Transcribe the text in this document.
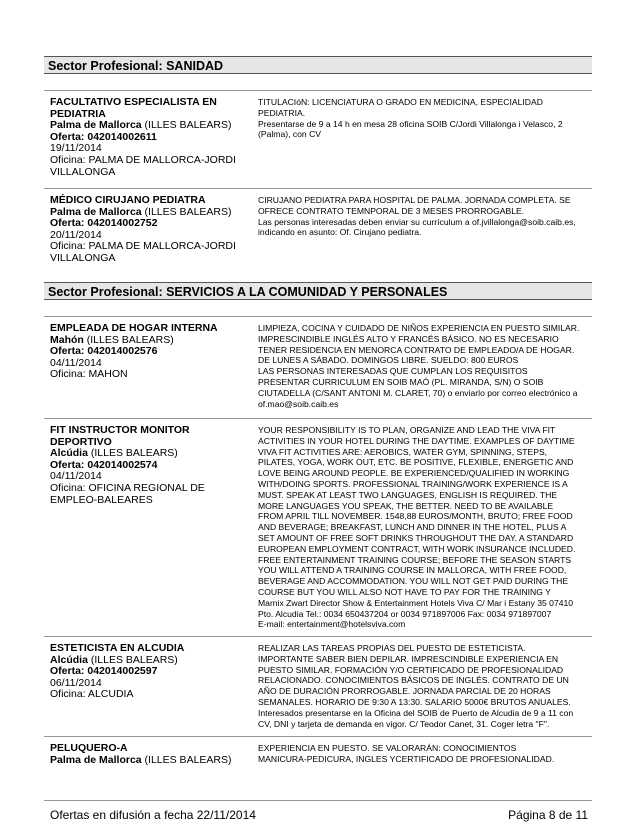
Sector Profesional: SANIDAD
FACULTATIVO ESPECIALISTA EN PEDIATRIA
Palma de Mallorca (ILLES BALEARS)
Oferta: 042014002611
19/11/2014
Oficina: PALMA DE MALLORCA-JORDI VILLALONGA
TITULACIóN: LICENCIATURA O GRADO EN MEDICINA, ESPECIALIDAD
PEDIATRIA.
Presentarse de 9 a 14 h en mesa 28 oficina SOIB C/Jordi Villalonga i Velasco, 2
(Palma), con CV
MÉDICO CIRUJANO PEDIATRA
Palma de Mallorca (ILLES BALEARS)
Oferta: 042014002752
20/11/2014
Oficina: PALMA DE MALLORCA-JORDI VILLALONGA
CIRUJANO PEDIATRA PARA HOSPITAL DE PALMA. JORNADA COMPLETA. SE
OFRECE CONTRATO TEMNPORAL DE 3 MESES PRORROGABLE.
Las personas interesadas deben enviar su currículum a of.jvillalonga@soib.caib.es,
indicando en asunto: Of. Cirujano pediatra.
Sector Profesional: SERVICIOS A LA COMUNIDAD Y PERSONALES
EMPLEADA DE HOGAR INTERNA
Mahón (ILLES BALEARS)
Oferta: 042014002576
04/11/2014
Oficina: MAHON
LIMPIEZA, COCINA Y CUIDADO DE NIÑOS EXPERIENCIA EN PUESTO SIMILAR.
IMPRESCINDIBLE INGLÉS ALTO Y FRANCÉS BÁSICO. NO ES NECESARIO
TENER RESIDENCIA EN MENORCA CONTRATO DE EMPLEADO/A DE HOGAR.
DE LUNES A SÁBADO. DOMINGOS LIBRE. SUELDO: 800 EUROS
LAS PERSONAS INTERESADAS QUE CUMPLAN LOS REQUISITOS
PRESENTAR CURRICULUM EN SOIB MAÓ (PL. MIRANDA, S/N) O SOIB
CIUTADELLA (C/SANT ANTONI M. CLARET, 70) o enviarlo por correo electrónico a
of.mao@soib.caib.es
FIT INSTRUCTOR MONITOR DEPORTIVO
Alcúdia (ILLES BALEARS)
Oferta: 042014002574
04/11/2014
Oficina: OFICINA REGIONAL DE EMPLEO-BALEARES
YOUR RESPONSIBILITY IS TO PLAN, ORGANIZE AND LEAD THE VIVA FIT
ACTIVITIES IN YOUR HOTEL DURING THE DAYTIME. EXAMPLES OF DAYTIME
VIVA FIT ACTIVITIES ARE: AEROBICS, WATER GYM, SPINNING, STEPS,
PILATES, YOGA, WORK OUT, ETC. BE POSITIVE, FLEXIBLE, ENERGETIC AND
LOVE BEING AROUND PEOPLE. BE EXPERIENCED/QUALIFIED IN WORKING
WITH/DOING SPORTS. PROFESSIONAL TRAINING/WORK EXPERIENCE IS A
MUST. SPEAK AT LEAST TWO LANGUAGES, ENGLISH IS REQUIRED. THE
MORE LANGUAGES YOU SPEAK, THE BETTER. NEED TO BE AVAILABLE
FROM APRIL TILL NOVEMBER. 1548,88 EUROS/MONTH, BRUTO; FREE FOOD
AND BEVERAGE; BREAKFAST, LUNCH AND DINNER IN THE HOTEL, PLUS A
SET AMOUNT OF FREE SOFT DRINKS THROUGHOUT THE DAY. A STANDARD
EUROPEAN EMPLOYMENT CONTRACT, WITH WORK INSURANCE INCLUDED.
FREE ENTERTAINMENT TRAINING COURSE; BEFORE THE SEASON STARTS
YOU WILL ATTEND A TRAINING COURSE IN MALLORCA, WITH FREE FOOD,
BEVERAGE AND ACCOMMODATION. YOU WILL NOT GET PAID DURING THE
COURSE BUT YOU WILL ALSO NOT HAVE TO PAY FOR THE TRAINING Y
Marnix Zwart Director Show & Entertainment Hotels Viva C/ Mar i Estany 35 07410
Pto. Alcudia Tel.: 0034 650437204 or 0034 971897006 Fax: 0034 971897007
E-mail: entertainment@hotelsviva.com
ESTETICISTA EN ALCUDIA
Alcúdia (ILLES BALEARS)
Oferta: 042014002597
06/11/2014
Oficina: ALCUDIA
REALIZAR LAS TAREAS PROPIAS DEL PUESTO DE ESTETICISTA.
IMPORTANTE SABER BIEN DEPILAR. IMPRESCINDIBLE EXPERIENCIA EN
PUESTO SIMILAR. FORMACIÓN Y/O CERTIFICADO DE PROFESIONALIDAD
RELACIONADO. CONOCIMIENTOS BÁSICOS DE INGLÉS. CONTRATO DE UN
AÑO DE DURACIÓN PRORROGABLE. JORNADA PARCIAL DE 20 HORAS
SEMANALES. HORARIO DE 9:30 A 13:30. SALARIO 5000€ BRUTOS ANUALES.
Interesados presentarse en la Oficina del SOIB de Puerto de Alcudia de 9 a 11 con
CV, DNI y tarjeta de demanda en vigor. C/ Teodor Canet, 31. Coger letra "F".
PELUQUERO-A
Palma de Mallorca (ILLES BALEARS)
EXPERIENCIA EN PUESTO. SE VALORARÁN: CONOCIMIENTOS
MANICURA-PEDICURA, INGLES YCERTIFICADO DE PROFESIONALIDAD.
Ofertas en difusión a fecha 22/11/2014	Página 8 de 11
